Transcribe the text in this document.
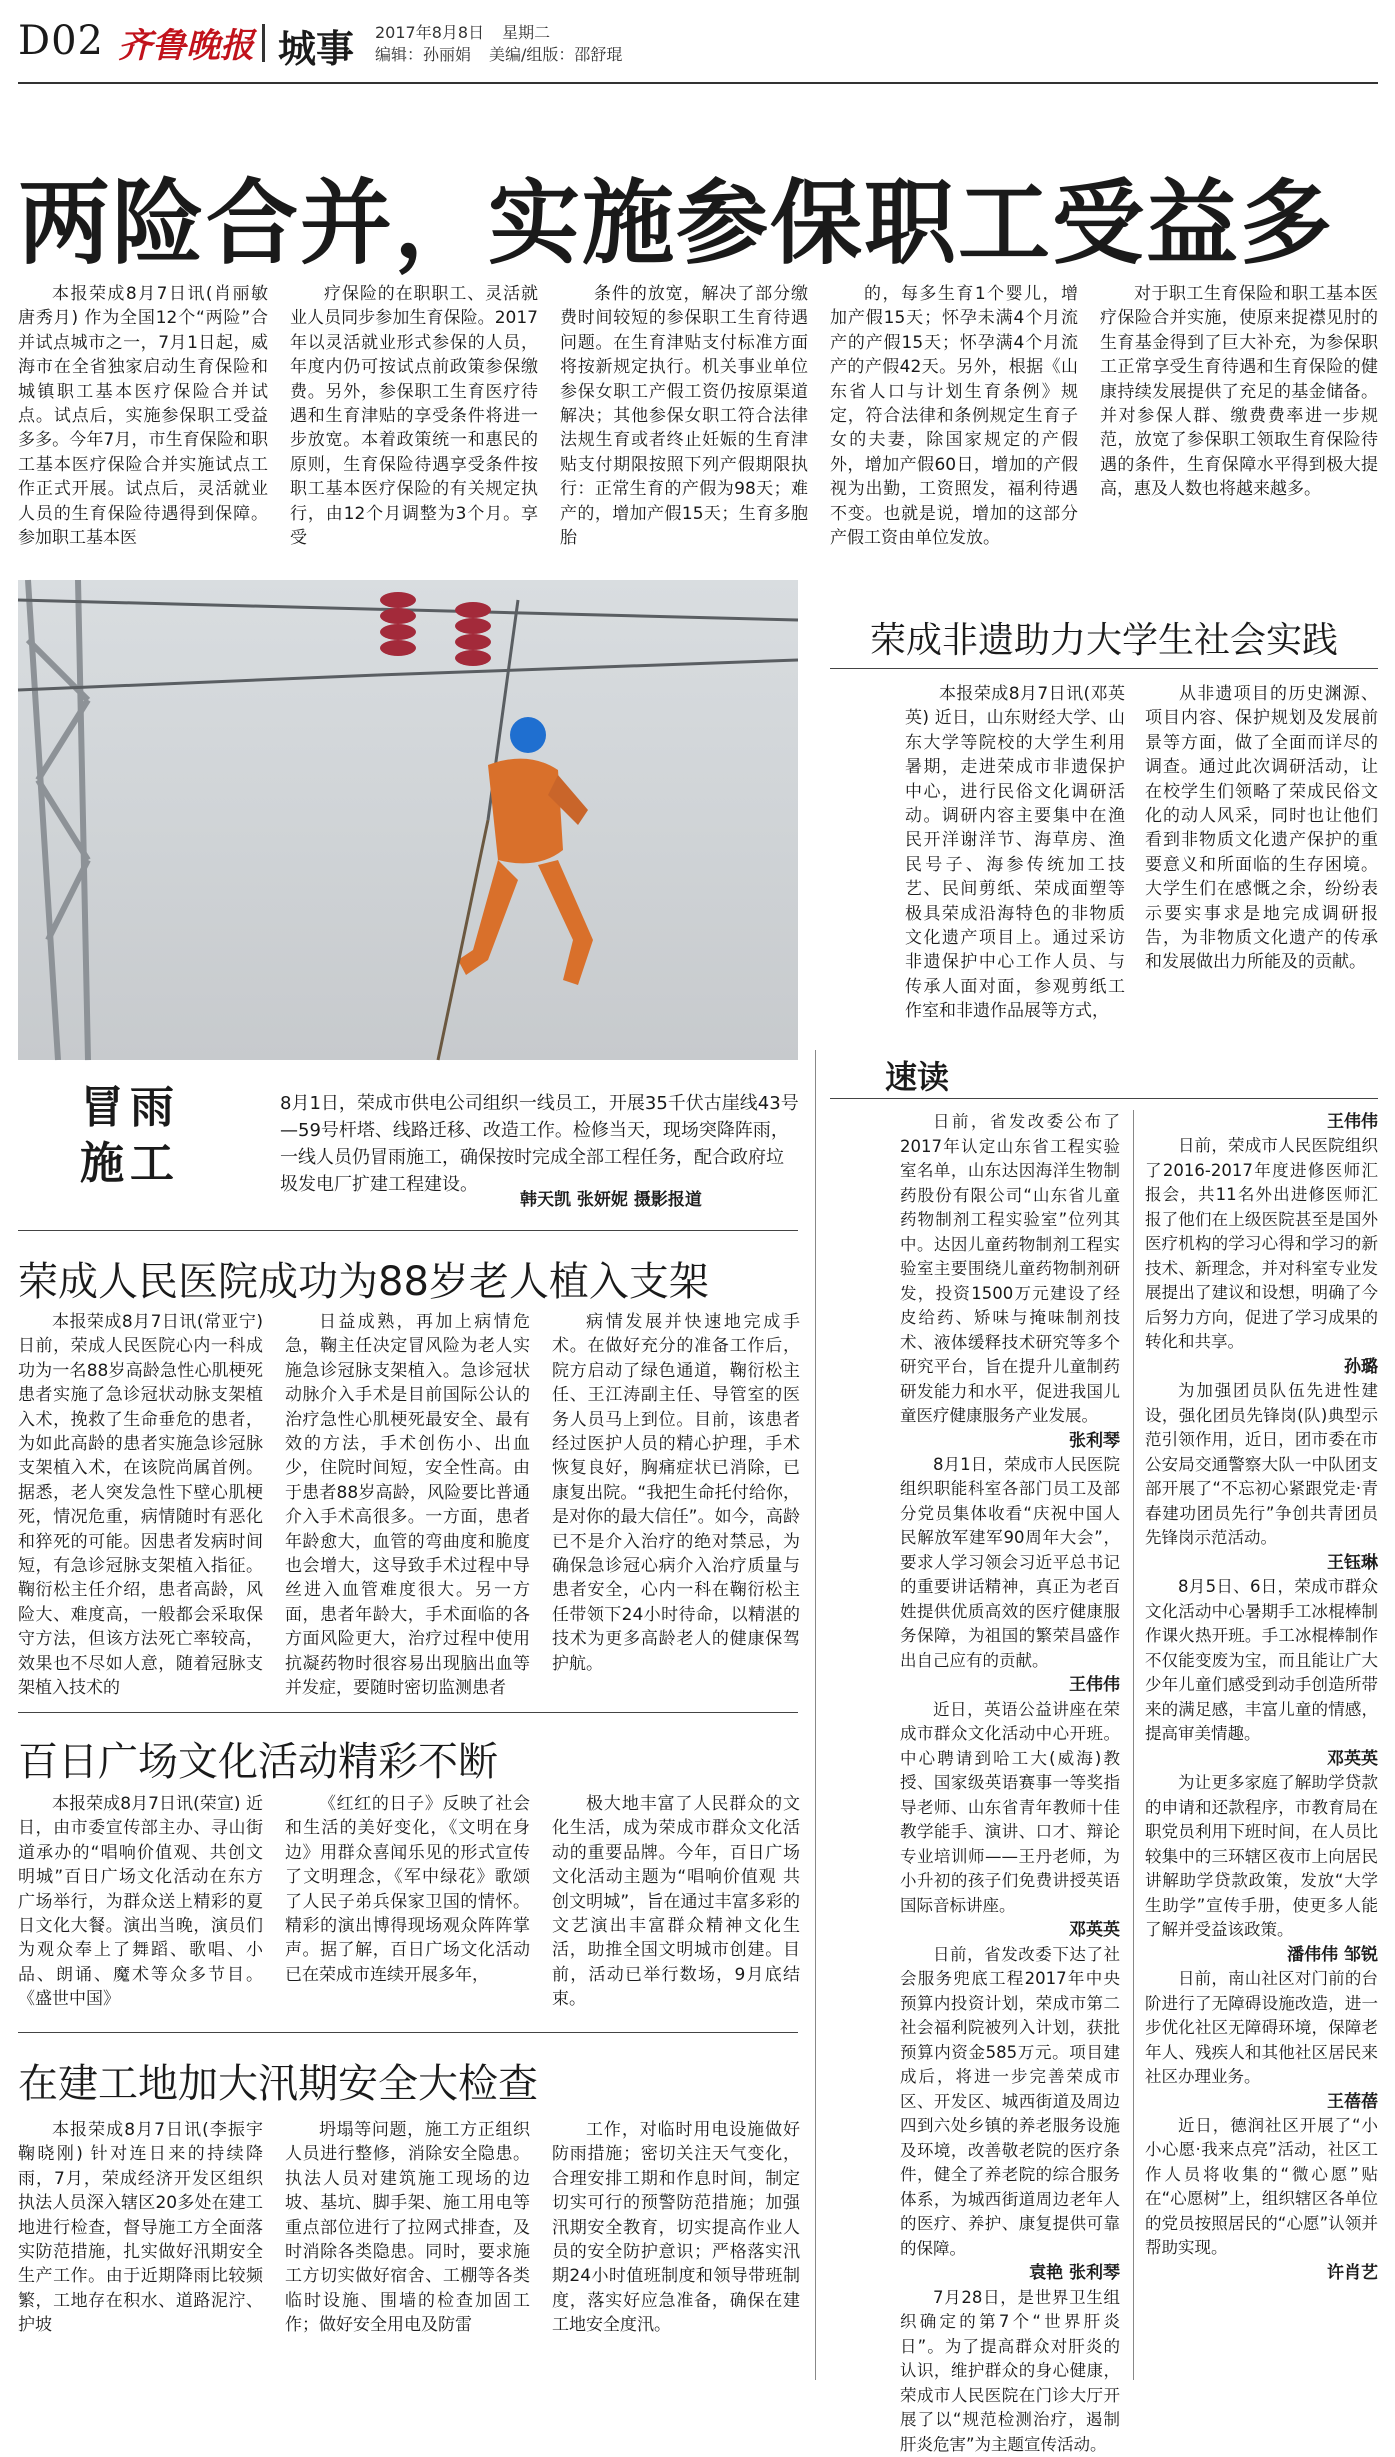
D02 齐鲁晚报 城事 2017年8月8日 星期二
编辑：孙丽娟 美编/组版：邵舒琨
两险合并，实施参保职工受益多

本报荣成8月7日讯(肖丽敏 唐秀月) 作为全国12个“两险”合并试点城市之一，7月1日起，威海市在全省独家启动生育保险和城镇职工基本医疗保险合并试点。试点后，实施参保职工受益多多。今年7月，市生育保险和职工基本医疗保险合并实施试点工作正式开展。试点后，灵活就业人员的生育保险待遇得到保障。参加职工基本医

疗保险的在职职工、灵活就业人员同步参加生育保险。2017年以灵活就业形式参保的人员，年度内仍可按试点前政策参保缴费。另外，参保职工生育医疗待遇和生育津贴的享受条件将进一步放宽。本着政策统一和惠民的原则，生育保险待遇享受条件按职工基本医疗保险的有关规定执行，由12个月调整为3个月。享受

条件的放宽，解决了部分缴费时间较短的参保职工生育待遇问题。在生育津贴支付标准方面将按新规定执行。机关事业单位参保女职工产假工资仍按原渠道解决；其他参保女职工符合法律法规生育或者终止妊娠的生育津贴支付期限按照下列产假期限执行：正常生育的产假为98天；难产的，增加产假15天；生育多胞胎

的，每多生育1个婴儿，增加产假15天；怀孕未满4个月流产的产假15天；怀孕满4个月流产的产假42天。另外，根据《山东省人口与计划生育条例》规定，符合法律和条例规定生育子女的夫妻，除国家规定的产假外，增加产假60日，增加的产假视为出勤，工资照发，福利待遇不变。也就是说，增加的这部分产假工资由单位发放。

对于职工生育保险和职工基本医疗保险合并实施，使原来捉襟见肘的生育基金得到了巨大补充，为参保职工正常享受生育待遇和生育保险的健康持续发展提供了充足的基金储备。并对参保人群、缴费费率进一步规范，放宽了参保职工领取生育保险待遇的条件，生育保障水平得到极大提高，惠及人数也将越来越多。

冒雨施工
8月1日，荣成市供电公司组织一线员工，开展35千伏古崖线43号—59号杆塔、线路迁移、改造工作。检修当天，现场突降阵雨，一线人员仍冒雨施工，确保按时完成全部工程任务，配合政府垃圾发电厂扩建工程建设。
韩天凯 张妍妮 摄影报道
荣成非遗助力大学生社会实践

本报荣成8月7日讯(邓英英) 近日，山东财经大学、山东大学等院校的大学生利用暑期，走进荣成市非遗保护中心，进行民俗文化调研活动。调研内容主要集中在渔民开洋谢洋节、海草房、渔民号子、海参传统加工技艺、民间剪纸、荣成面塑等极具荣成沿海特色的非物质文化遗产项目上。通过采访非遗保护中心工作人员、与传承人面对面，参观剪纸工作室和非遗作品展等方式，

从非遗项目的历史渊源、项目内容、保护规划及发展前景等方面，做了全面而详尽的调查。通过此次调研活动，让在校学生们领略了荣成民俗文化的动人风采，同时也让他们看到非物质文化遗产保护的重要意义和所面临的生存困境。大学生们在感慨之余，纷纷表示要实事求是地完成调研报告，为非物质文化遗产的传承和发展做出力所能及的贡献。

速读

日前，省发改委公布了2017年认定山东省工程实验室名单，山东达因海洋生物制药股份有限公司“山东省儿童药物制剂工程实验室”位列其中。达因儿童药物制剂工程实验室主要围绕儿童药物制剂研发，投资1500万元建设了经皮给药、矫味与掩味制剂技术、液体缓释技术研究等多个研究平台，旨在提升儿童制药研发能力和水平，促进我国儿童医疗健康服务产业发展。

张利琴

8月1日，荣成市人民医院组织职能科室各部门员工及部分党员集体收看“庆祝中国人民解放军建军90周年大会”，要求人学习领会习近平总书记的重要讲话精神，真正为老百姓提供优质高效的医疗健康服务保障，为祖国的繁荣昌盛作出自己应有的贡献。

王伟伟

近日，英语公益讲座在荣成市群众文化活动中心开班。中心聘请到哈工大(威海)教授、国家级英语赛事一等奖指导老师、山东省青年教师十佳教学能手、演讲、口才、辩论专业培训师——王丹老师，为小升初的孩子们免费讲授英语国际音标讲座。

邓英英

日前，省发改委下达了社会服务兜底工程2017年中央预算内投资计划，荣成市第二社会福利院被列入计划，获批预算内资金585万元。项目建成后，将进一步完善荣成市区、开发区、城西街道及周边四到六处乡镇的养老服务设施及环境，改善敬老院的医疗条件，健全了养老院的综合服务体系，为城西街道周边老年人的医疗、养护、康复提供可靠的保障。

袁艳 张利琴

7月28日，是世界卫生组织确定的第7个“世界肝炎日”。为了提高群众对肝炎的认识，维护群众的身心健康，荣成市人民医院在门诊大厅开展了以“规范检测治疗，遏制肝炎危害”为主题宣传活动。

王伟伟

日前，荣成市人民医院组织了2016-2017年度进修医师汇报会，共11名外出进修医师汇报了他们在上级医院甚至是国外医疗机构的学习心得和学习的新技术、新理念，并对科室专业发展提出了建议和设想，明确了今后努力方向，促进了学习成果的转化和共享。

孙璐

为加强团员队伍先进性建设，强化团员先锋岗(队)典型示范引领作用，近日，团市委在市公安局交通警察大队一中队团支部开展了“不忘初心紧跟党走·青春建功团员先行”争创共青团员先锋岗示范活动。

王钰琳

8月5日、6日，荣成市群众文化活动中心暑期手工冰棍棒制作课火热开班。手工冰棍棒制作不仅能变废为宝，而且能让广大少年儿童们感受到动手创造所带来的满足感，丰富儿童的情感，提高审美情趣。

邓英英

为让更多家庭了解助学贷款的申请和还款程序，市教育局在职党员利用下班时间，在人员比较集中的三环辖区夜市上向居民讲解助学贷款政策，发放“大学生助学”宣传手册，使更多人能了解并受益该政策。

潘伟伟 邹锐

日前，南山社区对门前的台阶进行了无障碍设施改造，进一步优化社区无障碍环境，保障老年人、残疾人和其他社区居民来社区办理业务。

王蓓蓓

近日，德润社区开展了“小小心愿·我来点亮”活动，社区工作人员将收集的“微心愿”贴在“心愿树”上，组织辖区各单位的党员按照居民的“心愿”认领并帮助实现。

许肖艺
荣成人民医院成功为88岁老人植入支架

本报荣成8月7日讯(常亚宁) 日前，荣成人民医院心内一科成功为一名88岁高龄急性心肌梗死患者实施了急诊冠状动脉支架植入术，挽救了生命垂危的患者，为如此高龄的患者实施急诊冠脉支架植入术，在该院尚属首例。据悉，老人突发急性下壁心肌梗死，情况危重，病情随时有恶化和猝死的可能。因患者发病时间短，有急诊冠脉支架植入指征。鞠衍松主任介绍，患者高龄，风险大、难度高，一般都会采取保守方法，但该方法死亡率较高，效果也不尽如人意，随着冠脉支架植入技术的

日益成熟，再加上病情危急，鞠主任决定冒风险为老人实施急诊冠脉支架植入。急诊冠状动脉介入手术是目前国际公认的治疗急性心肌梗死最安全、最有效的方法，手术创伤小、出血少，住院时间短，安全性高。由于患者88岁高龄，风险要比普通介入手术高很多。一方面，患者年龄愈大，血管的弯曲度和脆度也会增大，这导致手术过程中导丝进入血管难度很大。另一方面，患者年龄大，手术面临的各方面风险更大，治疗过程中使用抗凝药物时很容易出现脑出血等并发症，要随时密切监测患者

病情发展并快速地完成手术。在做好充分的准备工作后，院方启动了绿色通道，鞠衍松主任、王江涛副主任、导管室的医务人员马上到位。目前，该患者经过医护人员的精心护理，手术恢复良好，胸痛症状已消除，已康复出院。“我把生命托付给你，是对你的最大信任”。如今，高龄已不是介入治疗的绝对禁忌，为确保急诊冠心病介入治疗质量与患者安全，心内一科在鞠衍松主任带领下24小时待命，以精湛的技术为更多高龄老人的健康保驾护航。

百日广场文化活动精彩不断

本报荣成8月7日讯(荣宣) 近日，由市委宣传部主办、寻山街道承办的“唱响价值观、共创文明城”百日广场文化活动在东方广场举行，为群众送上精彩的夏日文化大餐。演出当晚，演员们为观众奉上了舞蹈、歌唱、小品、朗诵、魔术等众多节目。《盛世中国》

《红红的日子》反映了社会和生活的美好变化，《文明在身边》用群众喜闻乐见的形式宣传了文明理念，《军中绿花》歌颂了人民子弟兵保家卫国的情怀。精彩的演出博得现场观众阵阵掌声。据了解，百日广场文化活动已在荣成市连续开展多年，

极大地丰富了人民群众的文化生活，成为荣成市群众文化活动的重要品牌。今年，百日广场文化活动主题为“唱响价值观 共创文明城”，旨在通过丰富多彩的文艺演出丰富群众精神文化生活，助推全国文明城市创建。目前，活动已举行数场，9月底结束。

在建工地加大汛期安全大检查

本报荣成8月7日讯(李振宇 鞠晓刚) 针对连日来的持续降雨，7月，荣成经济开发区组织执法人员深入辖区20多处在建工地进行检查，督导施工方全面落实防范措施，扎实做好汛期安全生产工作。由于近期降雨比较频繁，工地存在积水、道路泥泞、护坡

坍塌等问题，施工方正组织人员进行整修，消除安全隐患。执法人员对建筑施工现场的边坡、基坑、脚手架、施工用电等重点部位进行了拉网式排查，及时消除各类隐患。同时，要求施工方切实做好宿舍、工棚等各类临时设施、围墙的检查加固工作；做好安全用电及防雷

工作，对临时用电设施做好防雨措施；密切关注天气变化，合理安排工期和作息时间，制定切实可行的预警防范措施；加强汛期安全教育，切实提高作业人员的安全防护意识；严格落实汛期24小时值班制度和领导带班制度，落实好应急准备，确保在建工地安全度汛。
